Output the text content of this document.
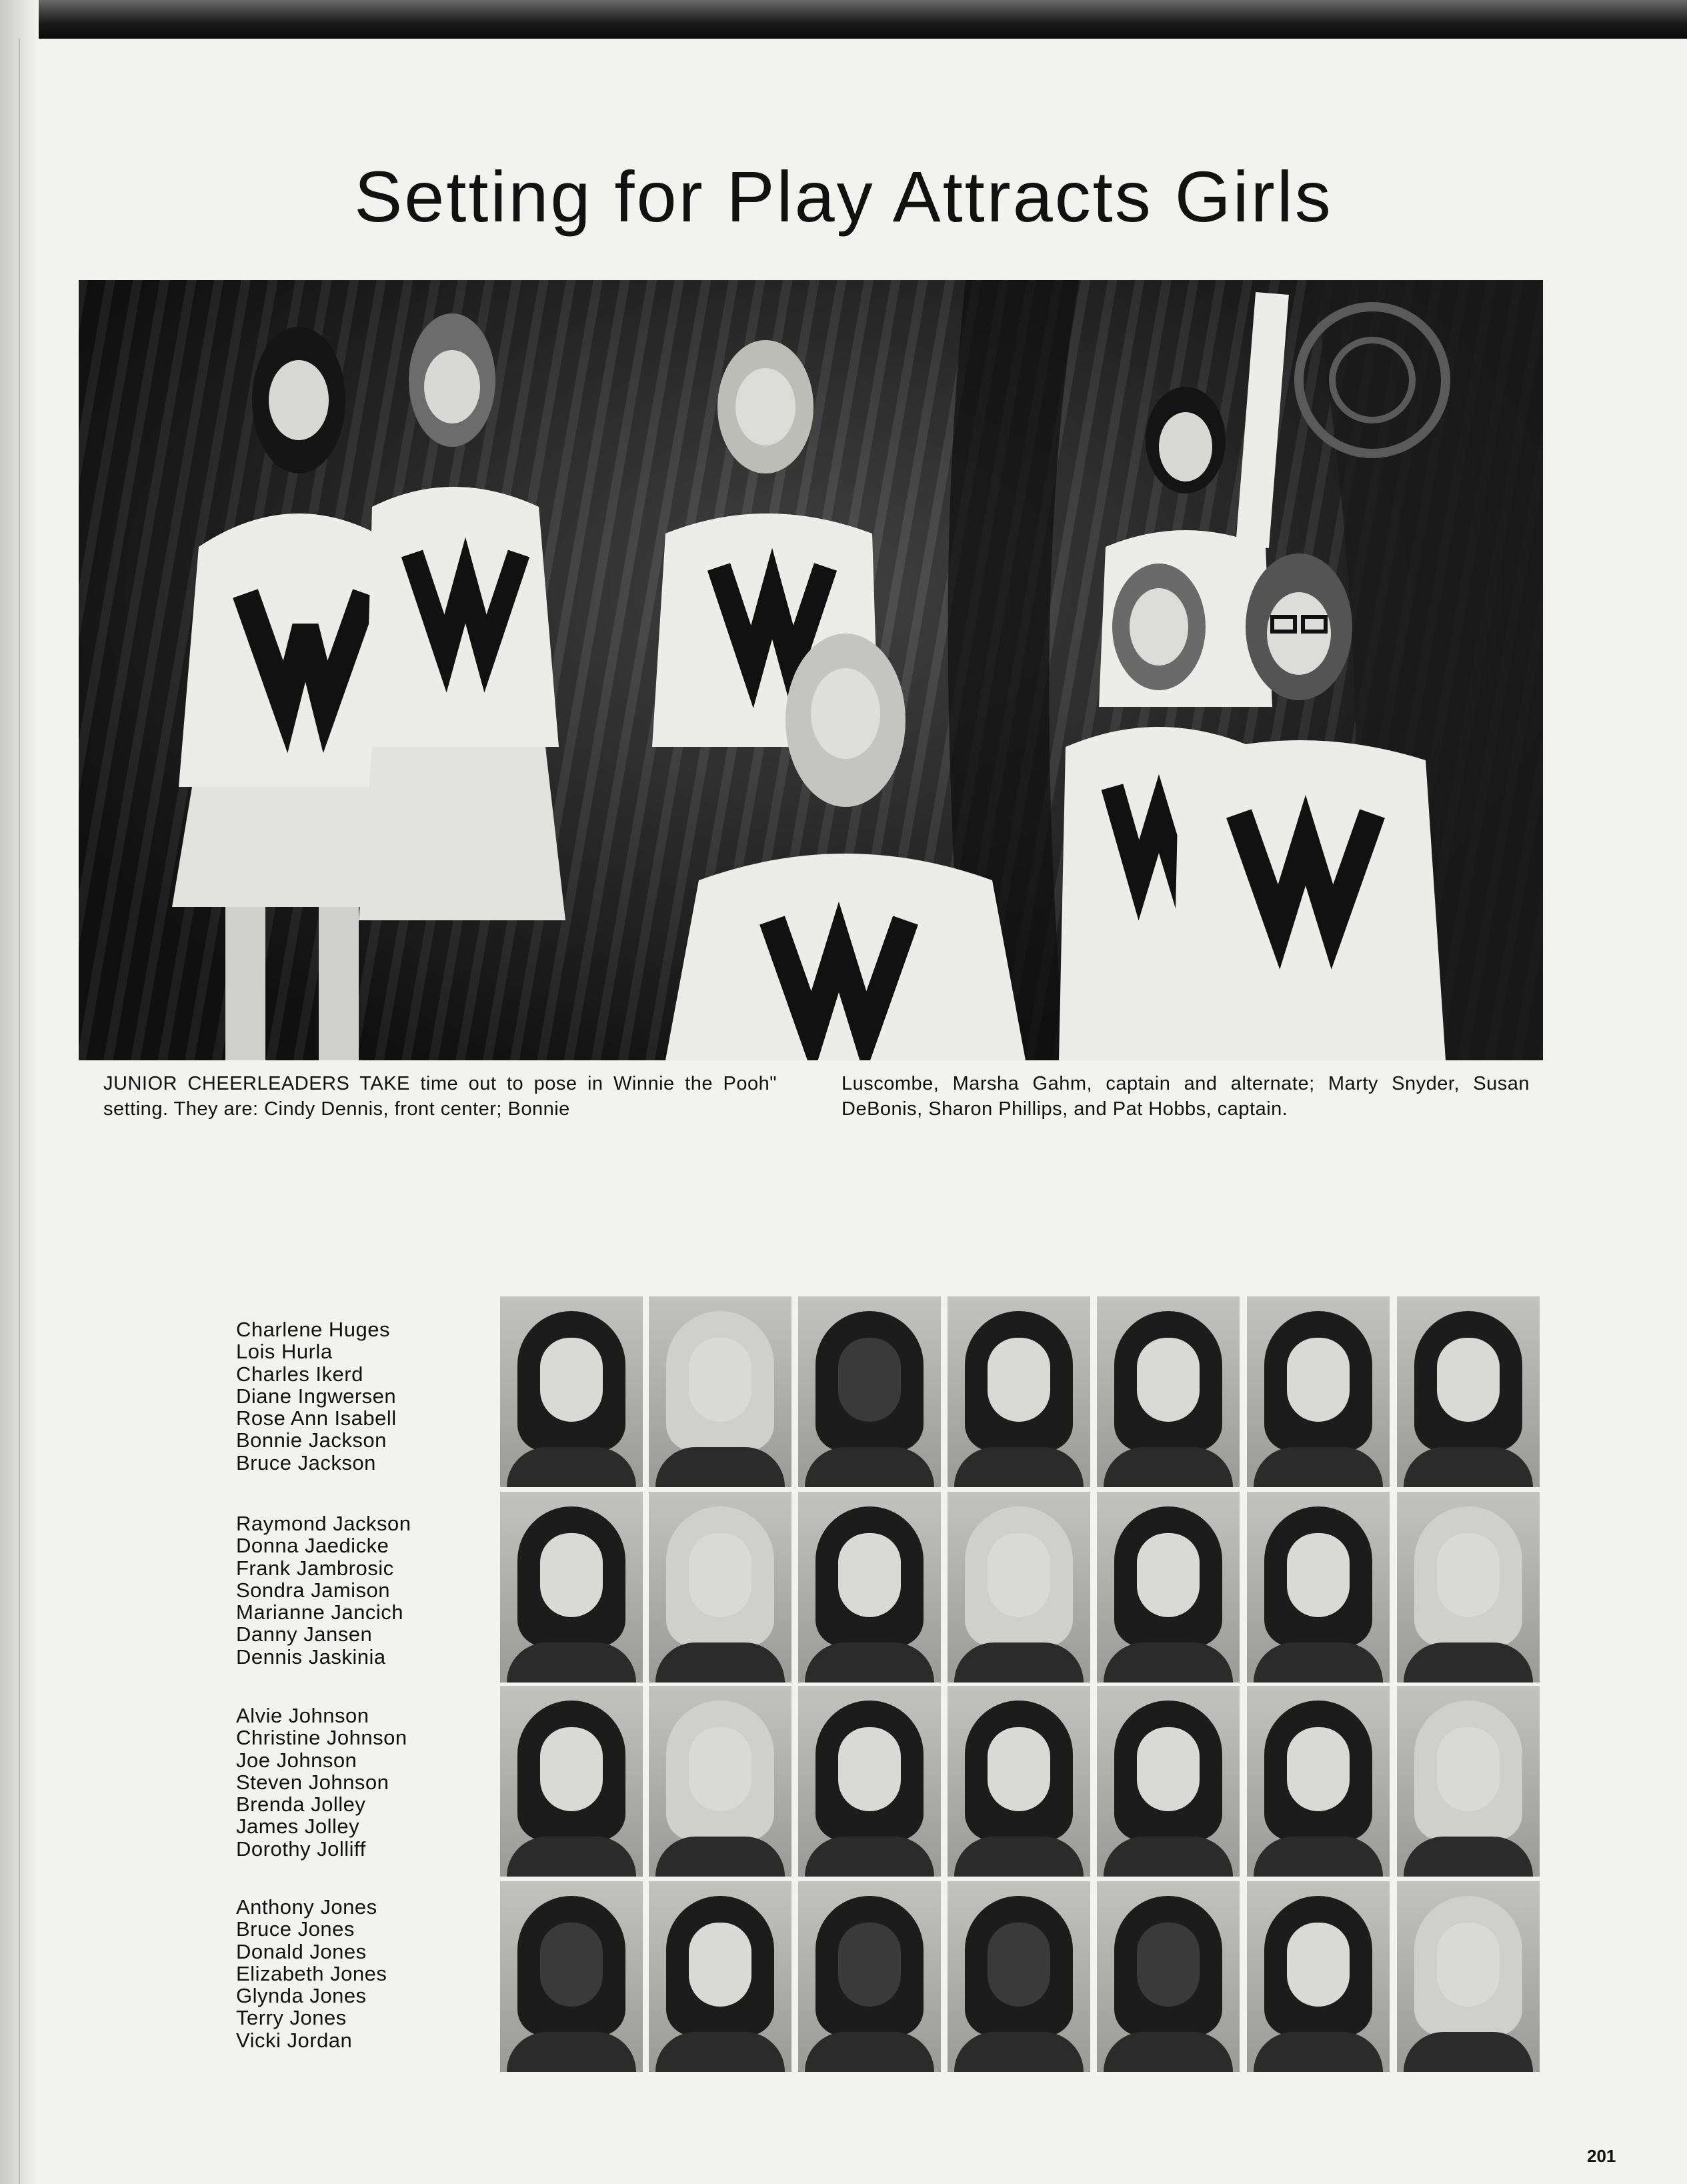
Setting for Play Attracts Girls

JUNIOR CHEERLEADERS TAKE time out to pose in Winnie the Pooh" setting. They are: Cindy Dennis, front center; Bonnie

Luscombe, Marsha Gahm, captain and alternate; Marty Snyder, Susan DeBonis, Sharon Phillips, and Pat Hobbs, captain.

Charlene Huges
Lois Hurla
Charles Ikerd
Diane Ingwersen
Rose Ann Isabell
Bonnie Jackson
Bruce Jackson
Raymond Jackson
Donna Jaedicke
Frank Jambrosic
Sondra Jamison
Marianne Jancich
Danny Jansen
Dennis Jaskinia
Alvie Johnson
Christine Johnson
Joe Johnson
Steven Johnson
Brenda Jolley
James Jolley
Dorothy Jolliff
Anthony Jones
Bruce Jones
Donald Jones
Elizabeth Jones
Glynda Jones
Terry Jones
Vicki Jordan

201
